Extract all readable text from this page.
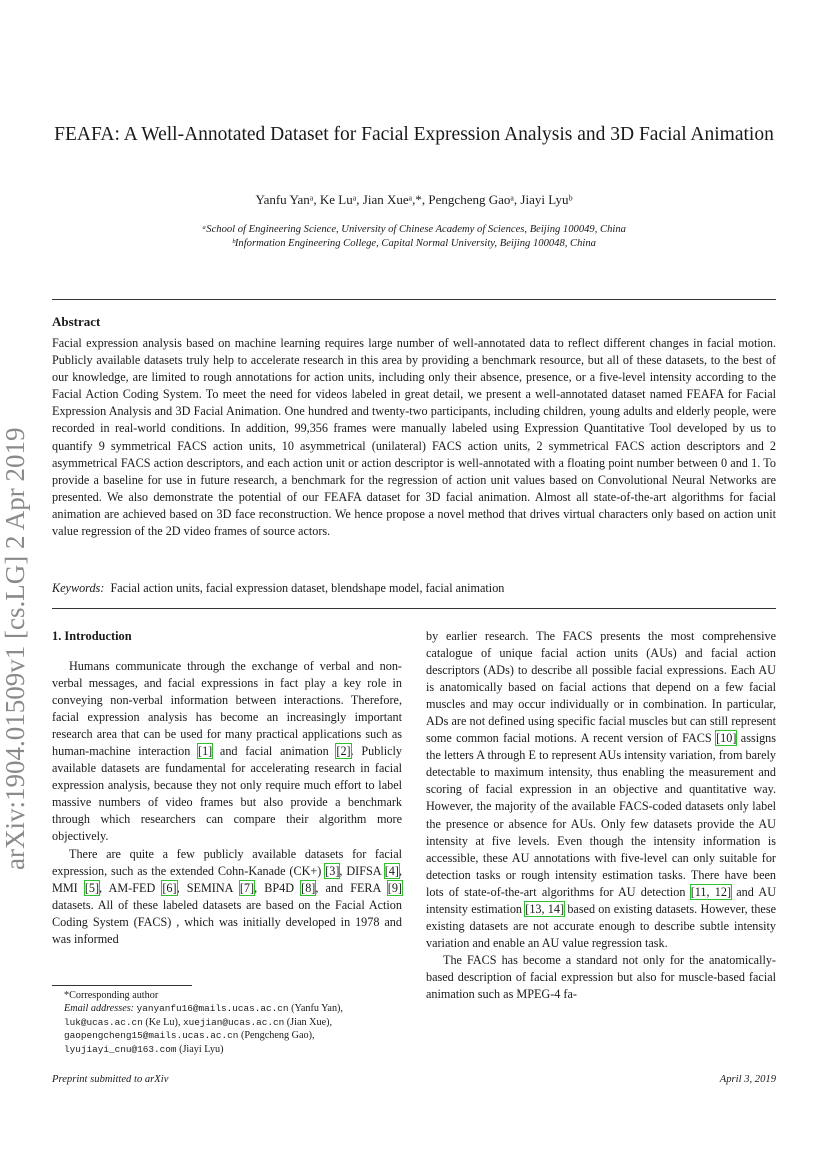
arXiv:1904.01509v1 [cs.LG] 2 Apr 2019
FEAFA: A Well-Annotated Dataset for Facial Expression Analysis and 3D Facial Animation
Yanfu Yanᵃ, Ke Luᵃ, Jian Xueᵃ,*, Pengcheng Gaoᵃ, Jiayi Lyuᵇ
ᵃSchool of Engineering Science, University of Chinese Academy of Sciences, Beijing 100049, China
ᵇInformation Engineering College, Capital Normal University, Beijing 100048, China
Abstract
Facial expression analysis based on machine learning requires large number of well-annotated data to reflect different changes in facial motion. Publicly available datasets truly help to accelerate research in this area by providing a benchmark resource, but all of these datasets, to the best of our knowledge, are limited to rough annotations for action units, including only their absence, presence, or a five-level intensity according to the Facial Action Coding System. To meet the need for videos labeled in great detail, we present a well-annotated dataset named FEAFA for Facial Expression Analysis and 3D Facial Animation. One hundred and twenty-two participants, including children, young adults and elderly people, were recorded in real-world conditions. In addition, 99,356 frames were manually labeled using Expression Quantitative Tool developed by us to quantify 9 symmetrical FACS action units, 10 asymmetrical (unilateral) FACS action units, 2 symmetrical FACS action descriptors and 2 asymmetrical FACS action descriptors, and each action unit or action descriptor is well-annotated with a floating point number between 0 and 1. To provide a baseline for use in future research, a benchmark for the regression of action unit values based on Convolutional Neural Networks are presented. We also demonstrate the potential of our FEAFA dataset for 3D facial animation. Almost all state-of-the-art algorithms for facial animation are achieved based on 3D face reconstruction. We hence propose a novel method that drives virtual characters only based on action unit value regression of the 2D video frames of source actors.
Keywords: Facial action units, facial expression dataset, blendshape model, facial animation
1. Introduction

Humans communicate through the exchange of verbal and non-verbal messages, and facial expressions in fact play a key role in conveying non-verbal information between interactions. Therefore, facial expression analysis has become an increasingly important research area that can be used for many practical applications such as human-machine interaction [1] and facial animation [2]. Publicly available datasets are fundamental for accelerating research in facial expression analysis, because they not only require much effort to label massive numbers of video frames but also provide a benchmark through which researchers can compare their algorithm more objectively.

There are quite a few publicly available datasets for facial expression, such as the extended Cohn-Kanade (CK+) [3], DIFSA [4], MMI [5], AM-FED [6], SEMINA [7], BP4D [8], and FERA [9] datasets. All of these labeled datasets are based on the Facial Action Coding System (FACS) , which was initially developed in 1978 and was informed

by earlier research. The FACS presents the most comprehensive catalogue of unique facial action units (AUs) and facial action descriptors (ADs) to describe all possible facial expressions. Each AU is anatomically based on facial actions that depend on a few facial muscles and may occur individually or in combination. In particular, ADs are not defined using specific facial muscles but can still represent some common facial motions. A recent version of FACS [10] assigns the letters A through E to represent AUs intensity variation, from barely detectable to maximum intensity, thus enabling the measurement and scoring of facial expression in an objective and quantitative way. However, the majority of the available FACS-coded datasets only label the presence or absence for AUs. Only few datasets provide the AU intensity at five levels. Even though the intensity information is accessible, these AU annotations with five-level can only suitable for detection tasks or rough intensity estimation tasks. There have been lots of state-of-the-art algorithms for AU detection [11, 12] and AU intensity estimation [13, 14] based on existing datasets. However, these existing datasets are not accurate enough to describe subtle intensity variation and enable an AU value regression task.

The FACS has become a standard not only for the anatomically-based description of facial expression but also for muscle-based facial animation such as MPEG-4 fa-

*Corresponding author
Email addresses: yanyanfu16@mails.ucas.ac.cn (Yanfu Yan), luk@ucas.ac.cn (Ke Lu), xuejian@ucas.ac.cn (Jian Xue), gaopengcheng15@mails.ucas.ac.cn (Pengcheng Gao), lyujiayi_cnu@163.com (Jiayi Lyu)
Preprint submitted to arXiv	April 3, 2019
